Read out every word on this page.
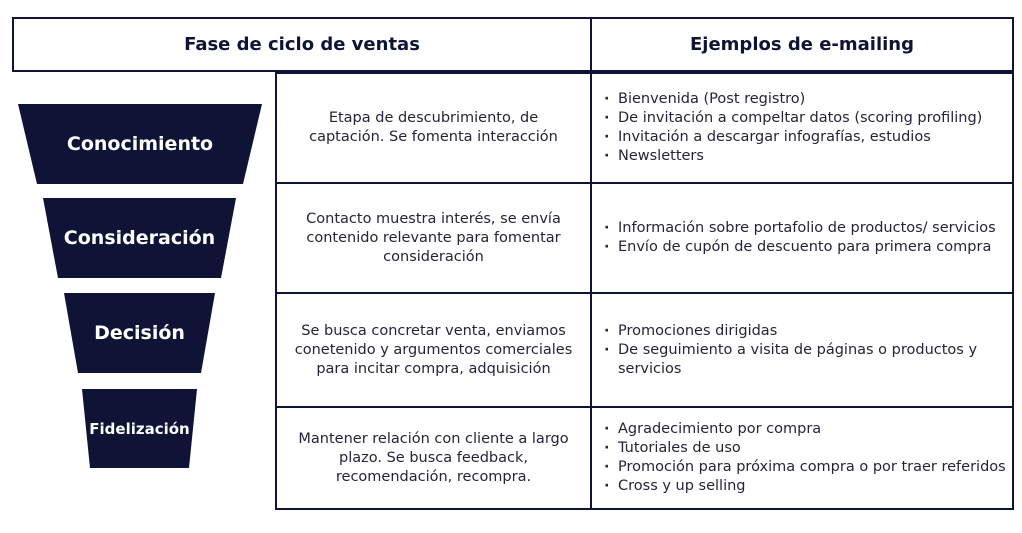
Fase de ciclo de ventas	Ejemplos de e-mailing
Conocimiento
Etapa de descubrimiento, de captación. Se fomenta interacción
· Bienvenida (Post registro)
· De invitación a compeltar datos (scoring profiling)
· Invitación a descargar infografías, estudios
· Newsletters
Consideración
Contacto muestra interés, se envía contenido relevante para fomentar consideración
· Información sobre portafolio de productos/ servicios
· Envío de cupón de descuento para primera compra
Decisión	Se busca concretar venta, enviamos conetenido y argumentos comerciales para incitar compra, adquisición
· Promociones dirigidas
· De seguimiento a visita de páginas o productos y servicios
Fidelización
Mantener relación con cliente a largo plazo. Se busca feedback, recomendación, recompra.
· Agradecimiento por compra
· Tutoriales de uso
· Promoción para próxima compra o por traer referidos
· Cross y up selling
